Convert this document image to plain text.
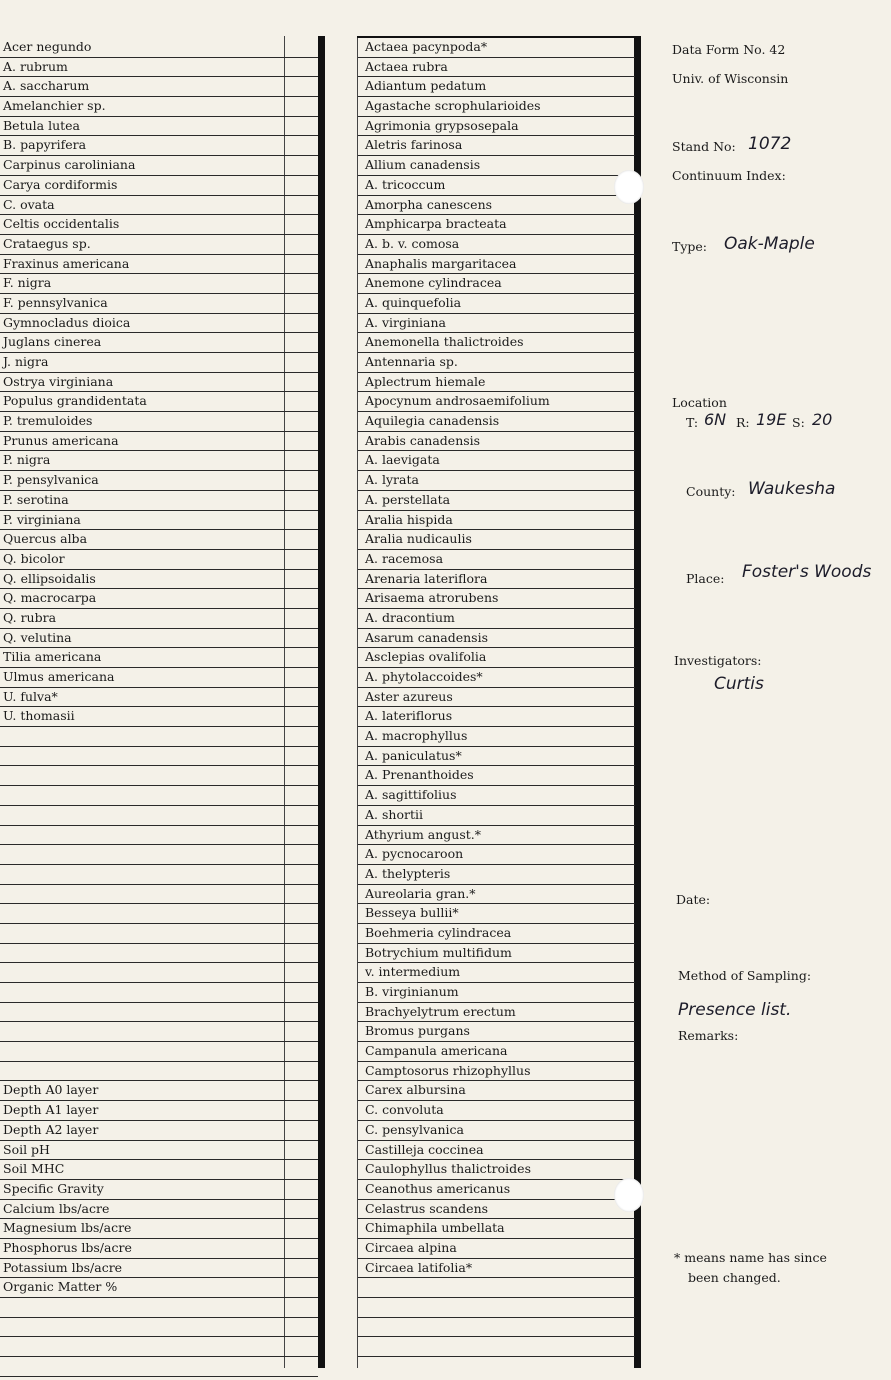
Acer negundo
A. rubrum
A. saccharum
Amelanchier sp.
Betula lutea
B. papyrifera
Carpinus caroliniana
Carya cordiformis
C. ovata
Celtis occidentalis
Crataegus sp.
Fraxinus americana
F. nigra
F. pennsylvanica
Gymnocladus dioica
Juglans cinerea
J. nigra
Ostrya virginiana
Populus grandidentata
P. tremuloides
Prunus americana
P. nigra
P. pensylvanica
P. serotina
P. virginiana
Quercus alba
Q. bicolor
Q. ellipsoidalis
Q. macrocarpa
Q. rubra
Q. velutina
Tilia americana
Ulmus americana
U. fulva*
U. thomasii
Depth A0 layer
Depth A1 layer
Depth A2 layer
Soil pH
Soil MHC
Specific Gravity
Calcium lbs/acre
Magnesium lbs/acre
Phosphorus lbs/acre
Potassium lbs/acre
Organic Matter %
Actaea pacynpoda*
Actaea rubra
Adiantum pedatum
Agastache scrophularioides
Agrimonia grypsosepala
Aletris farinosa
Allium canadensis
A. tricoccum
Amorpha canescens
Amphicarpa bracteata
A. b. v. comosa
Anaphalis margaritacea
Anemone cylindracea
A. quinquefolia
A. virginiana
Anemonella thalictroides
Antennaria sp.
Aplectrum hiemale
Apocynum androsaemifolium
Aquilegia canadensis
Arabis canadensis
A. laevigata
A. lyrata
A. perstellata
Aralia hispida
Aralia nudicaulis
A. racemosa
Arenaria lateriflora
Arisaema atrorubens
A. dracontium
Asarum canadensis
Asclepias ovalifolia
A. phytolaccoides*
Aster azureus
A. lateriflorus
A. macrophyllus
A. paniculatus*
A. Prenanthoides
A. sagittifolius
A. shortii
Athyrium angust.*
A. pycnocaroon
A. thelypteris
Aureolaria gran.*
Besseya bullii*
Boehmeria cylindracea
Botrychium multifidum
v. intermedium
B. virginianum
Brachyelytrum erectum
Bromus purgans
Campanula americana
Camptosorus rhizophyllus
Carex albursina
C. convoluta
C. pensylvanica
Castilleja coccinea
Caulophyllus thalictroides
Ceanothus americanus
Celastrus scandens
Chimaphila umbellata
Circaea alpina
Circaea latifolia*
Data Form No. 42
Univ. of Wisconsin
Stand No: 1072
Continuum Index:
Type: Oak-Maple
Location
T: 6N R: 19E S: 20
County: Waukesha
Place: Foster's Woods
Investigators:
Curtis
Date:
Method of Sampling:
Presence list.
Remarks:
* means name has since
been changed.
